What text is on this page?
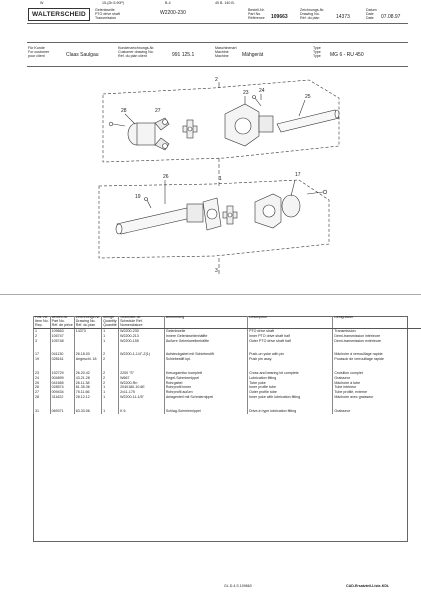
W	15-(2b 5.90P)	B-4	45 B. 140 B.
WALTERSCHEID
Gelenkwelle
PTO drive shaft
Transmission
W2200-230	Bestell-Nr.
Part No.
Référence 109663
Zeichnungs-Nr.
Drawing No.
Réf. du plan	14373
Datum
Date
Date	07.08.97
Für Kunde
For customer
pour client	Claas Saulgau
Kundenzeichnungs-Nr.
Customer drawing No.
Réf. du plan client	991 125.1
Maschinenart
Machine
Machine	Mähgerät
Type
Type
Type MG 6 - RU 450
2
23 24
25
28	27
26	1
19
17
3
Pos.-Nr.
Item No.
Rep.	Bestell-Nr.
Part No.
Réf. de pièce	Zeichnungs-Nr.
Drawing No.
Réf. du plan	Menge
Quantity
Quantité	Stückliste-Nr.
Schedule Ref.
Nomenclature	Benennung	Description	Désignation
1	109663	14373	1	W2200-230	Gelenkwelle	PTO drive shaft	Transmission
2	105747		1	W2200-213	Innere Gelenkwellenhälfte	Inner PTO drive shaft half	Demi-transmission intérieure
3	105748		1	W2200-155	Äußere Gelenkwellenhälfte	Outer PTO drive shaft half	Demi-transmission extérieure

17	041130	26.18.00	2	W2200-1-1/4"-Z(1)	Aufsteckgabel mit Schiebestift	Push-on yoke with pin	Mâchoire à verrouillage rapide
19	028161	Angeschl. 18	2		Schiebestift kpl.	Push pin assy.	Poussoir de verrouillage rapide

23	152729	26.20.42	2	2200 "S"	Kreuzgarnitur komplett	Cross and bearing kit complete	Croisillon complet
24	004899	43.21.28	2	W667	Kegel-Schmiernippel	Lubrication fitting	Graisseur
25	041665	26.11.38	2	W2200-Rn	Rohrgabel	Tube yoke	Mâchoire à tube
26	028574	61.35.36	1	2040180-10.6E	Rohrprofil innen	Inner profile tube	Tube intérieur
27	009434	75.11.66	1	2x11-175	Rohrprofil außen	Outer profile tube	Tube profilé, externe
28	311622	28.12.12	1	W2200-11-1/5"	Anlagenteil mit Schmiernippel	Inner yoke with lubrication fitting	Mâchoire avec graisseur

31	069371	63.33.06	1	K 6	Schlag-Schmiernippel	Drive-in type lubrication fitting	Graisseur
GL.D.4.S.109663	CAD-Ersatzteil-Liste-KDL
